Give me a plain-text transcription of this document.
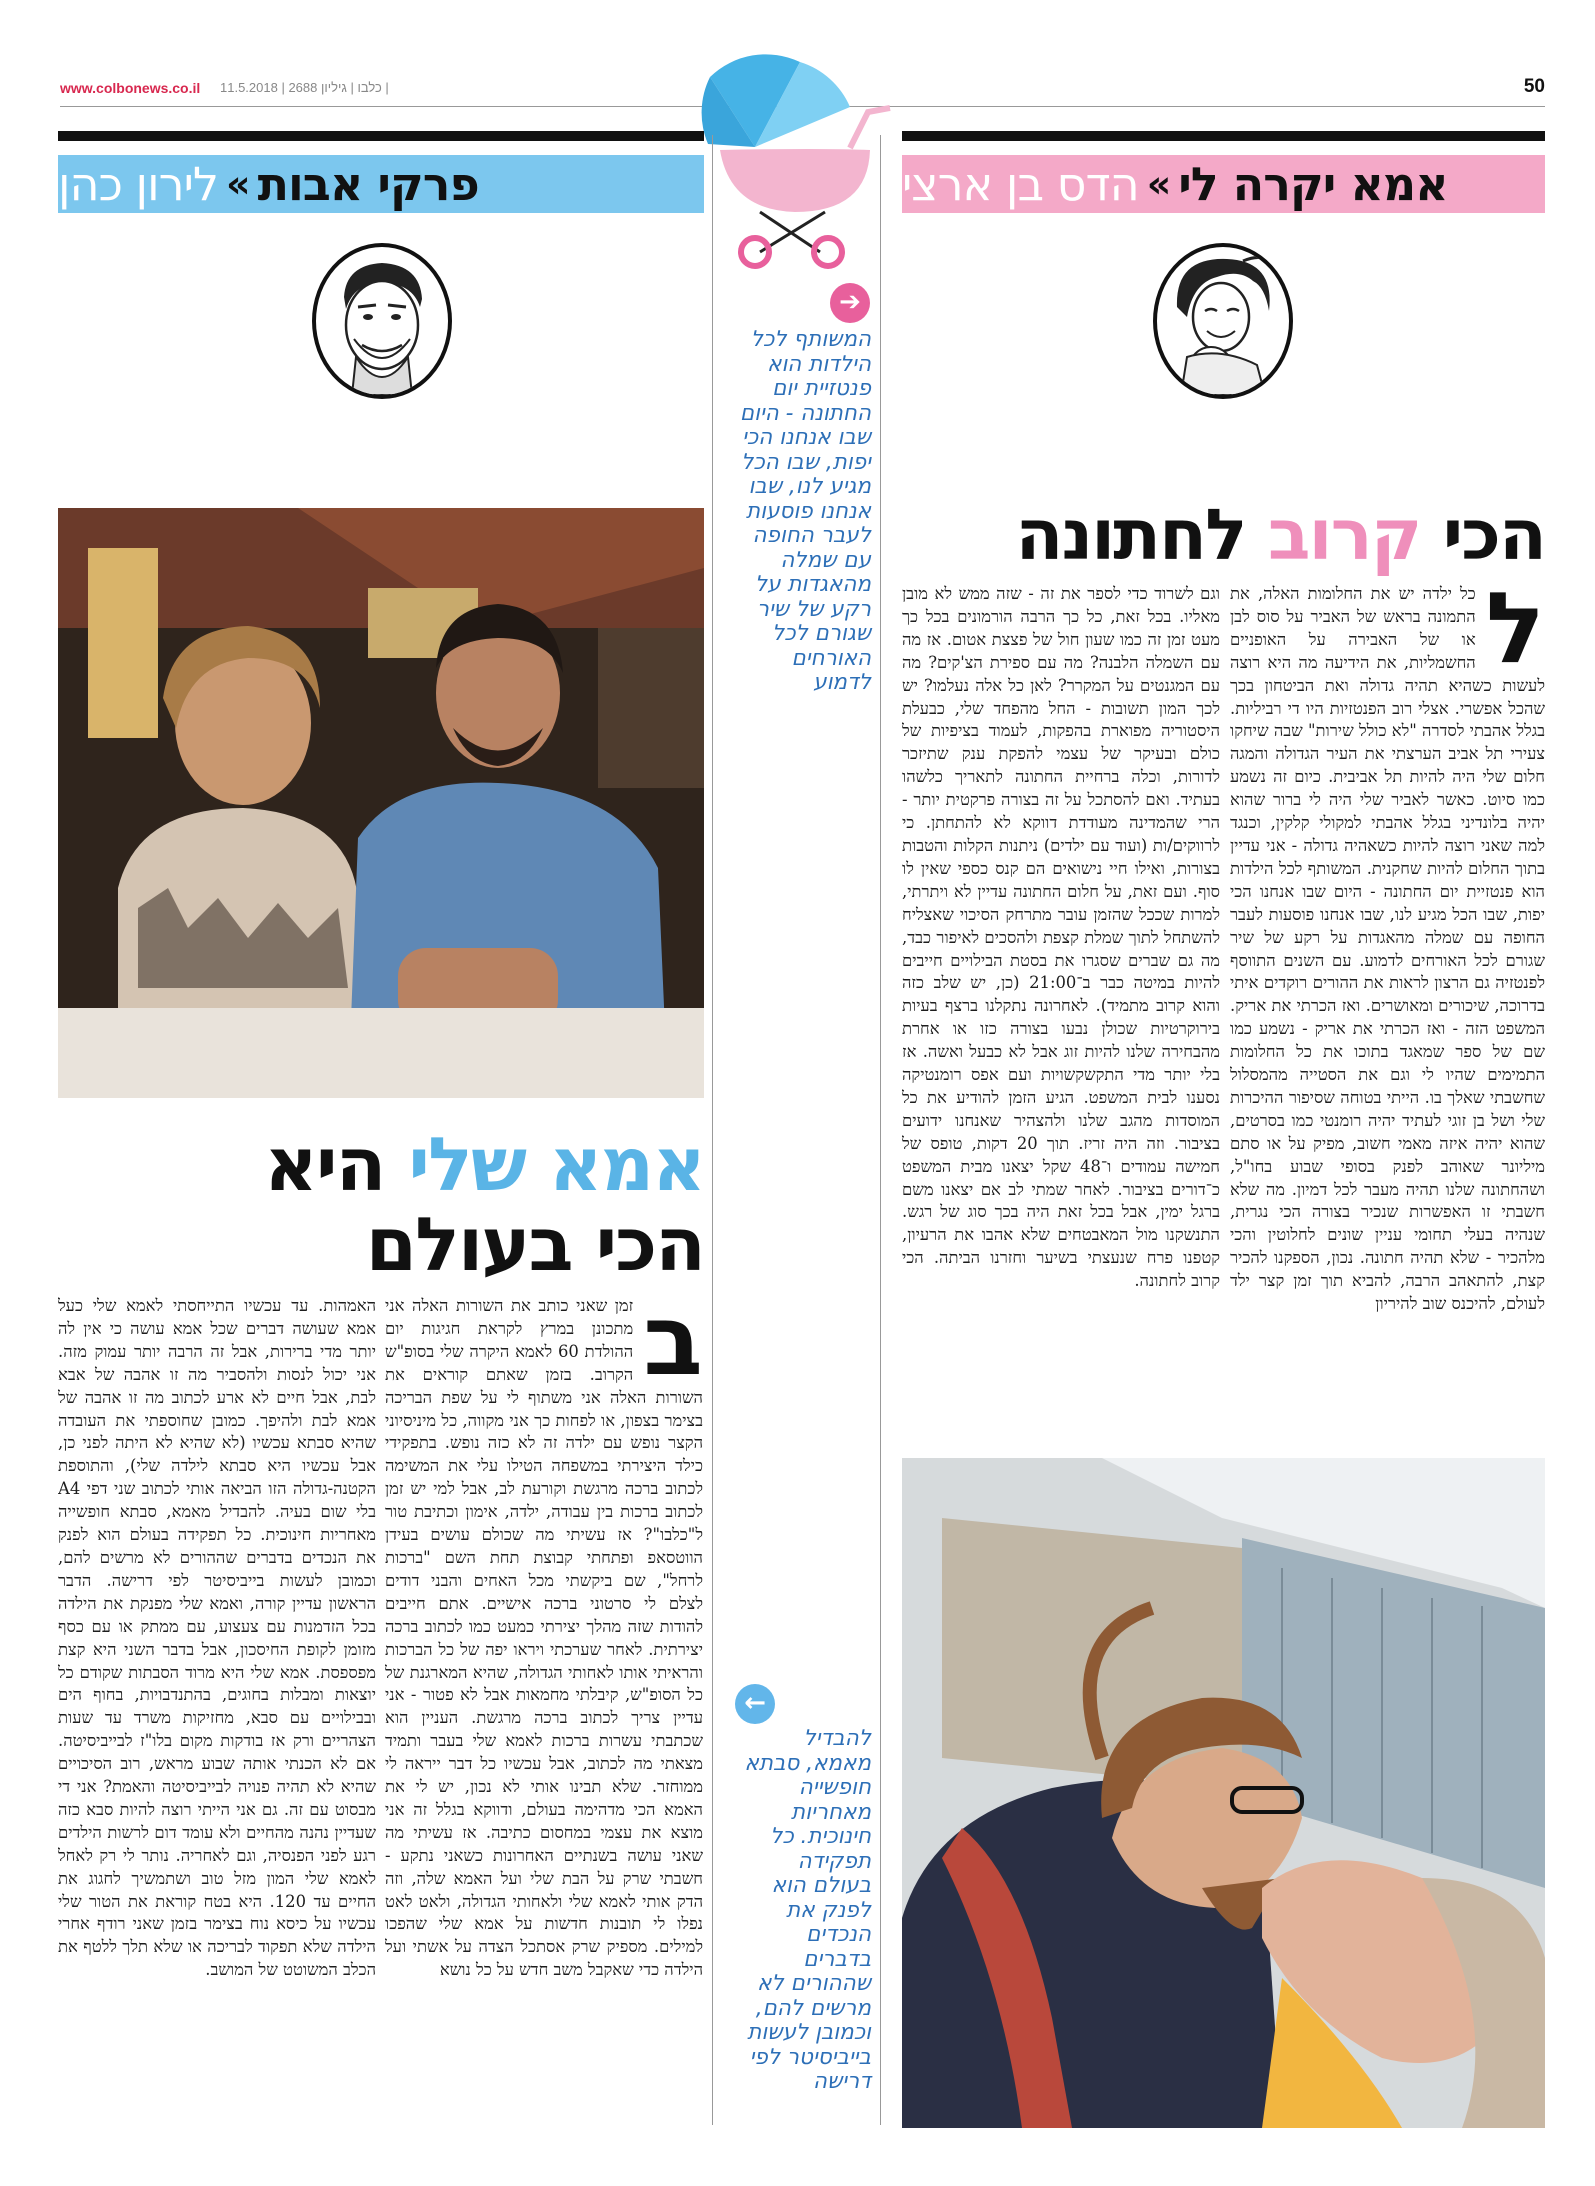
www.colbonews.co.il | כלבו | גיליון 2688 | 11.5.2018	50
פרקי אבות
»
לירון כהן	אמא יקרה לי
»
הדס בן ארצי
➔
המשותף לכל הילדות הוא פנטזיית יום החתונה - היום שבו אנחנו הכי יפות, שבו הכל מגיע לנו, שבו אנחנו פוסעות לעבר החופה עם שמלה מהאגדות על רקע של שיר שגורם לכל האורחים לדמוע
←
להבדיל מאמא, סבתא חופשייה מאחריות חינוכית. כל תפקידה בעולם הוא לפנק את הנכדים בדברים שההורים לא מרשים להם, וכמובן לעשות בייביסיטר לפי דרישה
אמא שלי היא
הכי בעולם
ב
זמן שאני כותב את השורות האלה אני מתכונן במרץ לקראת חגיגות יום ההולדת 60 לאמא היקרה שלי בסופ"ש הקרוב. בזמן שאתם קוראים את השורות האלה אני משתוף לי על שפת הבריכה בצימר בצפון, או לפחות כך אני מקווה, כל מיניסיוני הקצר נופש עם ילדה זה לא כזה נופש. בתפקידי כילד היצירתי במשפחה הטילו עלי את המשימה לכתוב ברכה מרגשת וקורעת לב, אבל למי יש זמן לכתוב ברכות בין עבודה, ילדה, אימון וכתיבת טור ל"כלבו"? אז עשיתי מה שכולם עושים בעידן הווטסאפ ופתחתי קבוצת תחת השם "ברכות לרחל", שם ביקשתי מכל האחים והבני דודים לצלם לי סרטוני ברכה אישיים. אתם חייבים להודות שזה מהלך יצירתי כמעט כמו לכתוב ברכה יצירתית. לאחר שערכתי ויראו יפה של כל הברכות והראיתי אותו לאחותי הגדולה, שהיא המארגנת של כל הסופ"ש, קיבלתי מחמאות אבל לא פטור - אני עדיין צריך לכתוב ברכה מרגשת. העניין הוא שכתבתי עשרות ברכות לאמא שלי בעבר ותמיד מצאתי מה לכתוב, אבל עכשיו כל דבר ייראה לי ממוחזר. שלא תבינו אותי לא נכון, יש לי את האמא הכי מדהימה בעולם, ודווקא בגלל זה אני מוצא את עצמי במחסום כתיבה. אז עשיתי מה שאני עושה בשנתיים האחרונות כשאני נתקע - חשבתי שרק על הבת שלי ועל האמא שלה, וזה הדק אותי לאמא שלי ולאחותי הגדולה, ולאט לאט נפלו לי תובנות חדשות על אמא שלי שהפכו למילים. מספיק שרק אסתכל הצדה על אשתי ועל הילדה כדי שאקבל משב חדש על כל נושא
האמהות. עד עכשיו התייחסתי לאמא שלי כעל אמא שעושה דברים שכל אמא עושה כי אין לה יותר מדי ברירות, אבל זה הרבה יותר עמוק מזה. אני יכול לנסות ולהסביר מה זו אהבה של אבא לבת, אבל חיים לא ארע לכתוב מה זו אהבה של אמא לבת ולהיפך. כמובן שחוספתי את העובדה שהיא סבתא עכשיו (לא שהיא לא היתה לפני כן, אבל עכשיו היא סבתא לילדה שלי), והתוספת הקטנה-גדולה הזו הביאה אותי לכתוב שני דפי A4 בלי שום בעיה. להבדיל מאמא, סבתא חופשייה מאחריות חינוכית. כל תפקידה בעולם הוא לפנק את הנכדים בדברים שההורים לא מרשים להם, וכמובן לעשות בייביסיטר לפי דרישה. הדבר הראשון עדיין קורה, ואמא שלי מפנקת את הילדה בכל הזדמנות עם צעצוע, עם ממתק או עם כסף מזומן לקופת החיסכון, אבל בדבר השני היא קצת מפספסת. אמא שלי היא מרוד הסבתות שקודם כל יוצאות ומבלות בחוגים, בהתנדבויות, בחוף הים ובבילויים עם סבא, מחזיקות משרד עד שעות הצהריים ורק אז בודקות מקום בלו"ז לבייביסיטה. אם לא הכנתי אותה שבוע מראש, רוב הסיכויים שהיא לא תהיה פנויה לבייביסיטה והאמת? אני די מבסוט עם זה. גם אני הייתי רוצה להיות סבא כזה שעדיין נהנה מהחיים ולא עומד דום לרשות הילדים רגע לפני הפנסיה, וגם לאחריה. נותר לי רק לאחל לאמא שלי המון מזל טוב ושתמשיך לחגוג את החיים עד 120. היא בטח קוראת את הטור שלי עכשיו על כיסא נוח בצימר בזמן שאני רודף אחרי הילדה שלא תפקוד לבריכה או שלא תלך ללטף את הכלב המשוטט של המושב.
הכי קרוב לחתונה
ל
כל ילדה יש את החלומות האלה, את התמונה בראש של האביר על סוס לבן או של האבירה על האופניים החשמליות, את הידיעה מה היא רוצה לעשות כשהיא תהיה גדולה ואת הביטחון בכך שהכל אפשרי. אצלי רוב הפנטזיות היו די רביליות. בגלל אהבתי לסדרה "לא כולל שירות" שבה שיחקו צעירי תל אביב הערצתי את העיר הגדולה והמגה חלום שלי היה להיות תל אביבית. כיום זה נשמע כמו סיוט. כאשר לאביר שלי היה לי ברור שהוא יהיה בלונדיני בגלל אהבתי למקולי קלקין, וכנגד למה שאני רוצה להיות כשאהיה גדולה - אני עדיין בתוך החלום להיות שחקנית. המשותף לכל הילדות הוא פנטזיית יום החתונה - היום שבו אנחנו הכי יפות, שבו הכל מגיע לנו, שבו אנחנו פוסעות לעבר החופה עם שמלה מהאגדות על רקע של שיר שגורם לכל האורחים לדמוע. עם השנים התווסף לפנטזיה גם הרצון לראות את ההורים רוקדים איתי בדרוכה, שיכורים ומאושרים. ואז הכרתי את אריק. המשפט הזה - ואז הכרתי את אריק - נשמע כמו שם של ספר שמאגד בתוכו את כל החלומות התמימים שהיו לי וגם את הסטייה מהמסלול שחשבתי שאלך בו. הייתי בטוחה שסיפור ההיכרות שלי ושל בן זוגי לעתיד יהיה רומנטי כמו בסרטים, שהוא יהיה איזה מאמי חשוב, מפיק על או סתם מיליונר שאוהב לפנק בסופי שבוע בחו"ל, ושהחתונה שלנו תהיה מעבר לכל דמיון. מה שלא חשבתי זו האפשרות שנכיר בצורה הכי נגרית, שנהיה בעלי תחומי עניין שונים לחלוטין והכי מלהכיר - שלא תהיה חתונה. נכון, הספקנו להכיר קצת, להתאהב הרבה, להביא תוך זמן קצר ילד לעולם, להיכנס שוב להיריון
וגם לשרוד כדי לספר את זה - שזה ממש לא מובן מאליו. בכל זאת, כל כך הרבה הורמונים בכל כך מעט זמן זה כמו שעון חול של פצצת אטום. אז מה עם השמלה הלבנה? מה עם ספירת הצ'קים? מה עם המגנטים על המקרר? לאן כל אלה נעלמו? יש לכך המון תשובות - החל מהפחד שלי, כבעלת היסטוריה מפוארת בהפקות, לעמוד בציפיות של כולם ובעיקר של עצמי להפקת ענק שתיזכר לדורות, וכלה ברחיית החתונה לתאריך כלשהו בעתיד. ואם להסתכל על זה בצורה פרקטית יותר - הרי שהמדינה מעודדת דווקא לא להתחתן. כי לרווקים/ות (ועוד עם ילדים) ניתנות הקלות והטבות בצורות, ואילו חיי נישואים הם קנס כספי שאין לו סוף. ועם זאת, על חלום החתונה עדיין לא ויתרתי, למרות שככל שהזמן עובר מתרחק הסיכוי שאצליח להשתחל לתוך שמלת קצפת ולהסכים לאיפור כבד, מה גם שברים שסגרו את בסטת הבילויים חייבים להיות במיטה כבר ב־21:00 (כן, יש שלב כזה והוא קרוב מתמיד). לאחרונה נתקלנו ברצף בעיות בירוקרטיות שכולן נבעו בצורה כזו או אחרת מהבחירה שלנו להיות זוג אבל לא כבעל ואשה. אז בלי יותר מדי התקשקשויות ועם אפס רומנטיקה נסענו לבית המשפט. הגיע הזמן להודיע את כל המוסדות מהגב שלנו ולהצהיר שאנחנו ידועים בציבור. וזה היה זריז. תוך 20 דקות, טופס של חמישה עמודים ו־48 שקל יצאנו מבית המשפט כ־דורים בציבור. לאחר שמתי לב אם יצאנו משם ברגל ימין, אבל בכל זאת היה בכך סוג של רגש. התנשקנו מול המאבטחים שלא אהבו את הרעיון, קטפנו פרח שנעצתי בשיער וחזרנו הביתה. הכי קרוב לחתונה.
